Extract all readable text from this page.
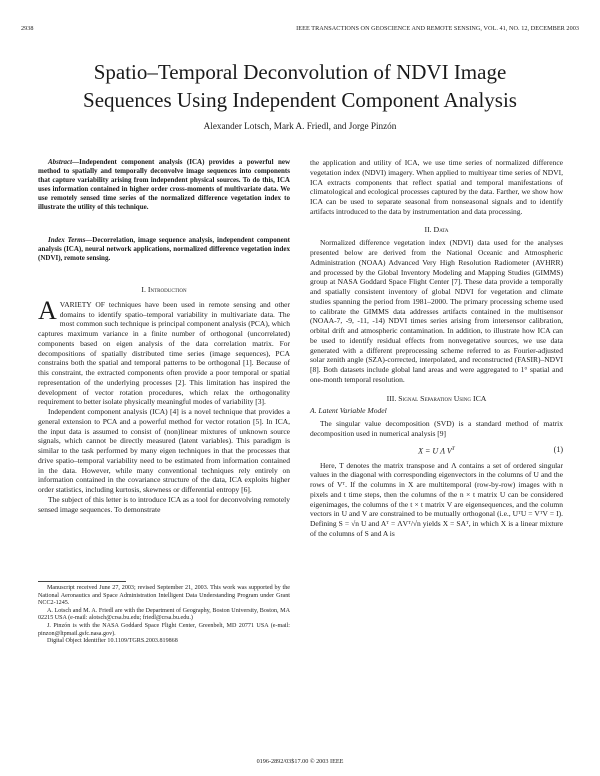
2938	IEEE TRANSACTIONS ON GEOSCIENCE AND REMOTE SENSING, VOL. 41, NO. 12, DECEMBER 2003
Spatio–Temporal Deconvolution of NDVI Image
Sequences Using Independent Component Analysis
Alexander Lotsch, Mark A. Friedl, and Jorge Pinzón

Abstract—Independent component analysis (ICA) provides a powerful new method to spatially and temporally deconvolve image sequences into components that capture variability arising from independent physical sources. To do this, ICA uses information contained in higher order cross-moments of multivariate data. We use remotely sensed time series of the normalized difference vegetation index to illustrate the utility of this technique.

Index Terms—Decorrelation, image sequence analysis, independent component analysis (ICA), neural network applications, normalized difference vegetation index (NDVI), remote sensing.

I. Introduction

AVARIETY OF techniques have been used in remote sensing and other domains to identify spatio–temporal variability in multivariate data. The most common such technique is principal component analysis (PCA), which captures maximum variance in a finite number of orthogonal (uncorrelated) components based on eigen analysis of the data correlation matrix. For decompositions of spatially distributed time series (image sequences), PCA constrains both the spatial and temporal patterns to be orthogonal [1]. Because of this constraint, the extracted components often provide a poor temporal or spatial representation of the underlying processes [2]. This limitation has inspired the development of vector rotation procedures, which relax the orthogonality requirement to better isolate physically meaningful modes of variability [3].

Independent component analysis (ICA) [4] is a novel technique that provides a general extension to PCA and a powerful method for vector rotation [5]. In ICA, the input data is assumed to consist of (non)linear mixtures of unknown source signals, which cannot be directly measured (latent variables). This paradigm is similar to the task performed by many eigen techniques in that the processes that drive spatio–temporal variability need to be estimated from information contained in the data. However, while many conventional techniques rely entirely on information contained in the covariance structure of the data, ICA exploits higher order statistics, including kurtosis, skewness or differential entropy [6].

The subject of this letter is to introduce ICA as a tool for deconvolving remotely sensed image sequences. To demonstrate

Manuscript received June 27, 2003; revised September 21, 2003. This work was supported by the National Aeronautics and Space Administration Intelligent Data Understanding Program under Grant NCC2-1245.

A. Lotsch and M. A. Friedl are with the Department of Geography, Boston University, Boston, MA 02215 USA (e-mail: alotsch@crsa.bu.edu; friedl@crsa.bu.edu.)

J. Pinzón is with the NASA Goddard Space Flight Center, Greenbelt, MD 20771 USA (e-mail: pinzon@ltpmail.gsfc.nasa.gov).

Digital Object Identifier 10.1109/TGRS.2003.819868

the application and utility of ICA, we use time series of normalized difference vegetation index (NDVI) imagery. When applied to multiyear time series of NDVI, ICA extracts components that reflect spatial and temporal manifestations of climatological and ecological processes captured by the data. Farther, we show how ICA can be used to separate seasonal from nonseasonal signals and to identify artifacts introduced to the data by instrumentation and data processing.

II. Data

Normalized difference vegetation index (NDVI) data used for the analyses presented below are derived from the National Oceanic and Atmospheric Administration (NOAA) Advanced Very High Resolution Radiometer (AVHRR) and processed by the Global Inventory Modeling and Mapping Studies (GIMMS) group at NASA Goddard Space Flight Center [7]. These data provide a temporally and spatially consistent inventory of global NDVI for vegetation and climate studies spanning the period from 1981–2000. The primary processing scheme used to calibrate the GIMMS data addresses artifacts contained in the multisensor (NOAA-7, -9, -11, -14) NDVI times series arising from intersensor calibration, orbital drift and atmospheric contamination. In addition, to illustrate how ICA can be used to identify residual effects from nonvegetative sources, we use data generated with a different preprocessing scheme referred to as Fourier-adjusted solar zenith angle (SZA)-corrected, interpolated, and reconstructed (FASIR)–NDVI [8]. Both datasets include global land areas and were aggregated to 1° spatial and one-month temporal resolution.

III. Signal Separation Using ICA
A. Latent Variable Model

The singular value decomposition (SVD) is a standard method of matrix decomposition used in numerical analysis [9]

X = U Λ $V^T$	(1)

Here, T denotes the matrix transpose and Λ contains a set of ordered singular values in the diagonal with corresponding eigenvectors in the columns of U and the rows of Vᵀ. If the columns in X are multitemporal (row-by-row) images with n pixels and t time steps, then the columns of the n × t matrix U can be considered eigenimages, the columns of the t × t matrix V are eigensequences, and the column vectors in U and V are constrained to be mutually orthogonal (i.e., UᵀU = VᵀV = I). Defining S = √n U and Aᵀ = ΛVᵀ/√n yields X = SAᵀ, in which X is a linear mixture of the columns of S and A is

0196-2892/03$17.00 © 2003 IEEE
